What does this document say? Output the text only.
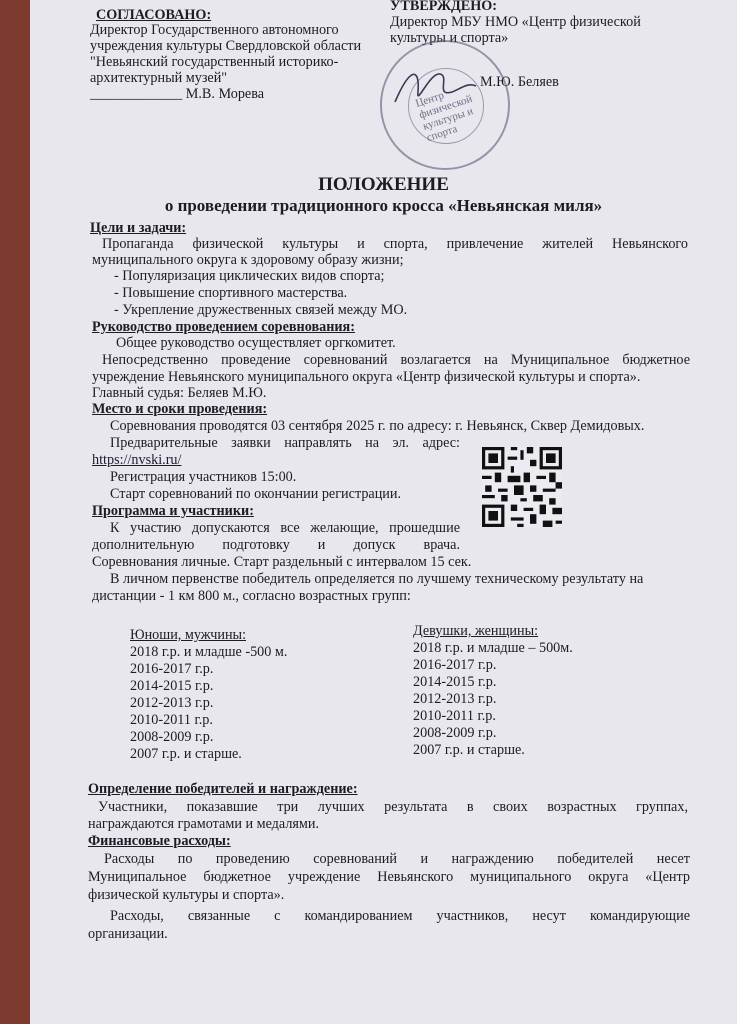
СОГЛАСОВАНО:
Директор Государственного автономного
учреждения культуры Свердловской области
"Невьянский государственный историко-
архитектурный музей"
_____________ М.В. Морева
УТВЕРЖДЕНО:
Директор МБУ НМО «Центр физической
культуры и спорта»
М.Ю. Беляев
Центр физической культуры и спорта
ПОЛОЖЕНИЕ
о проведении традиционного кросса «Невьянская миля»
Цели и задачи:
Пропаганда физической культуры и спорта, привлечение жителей Невьянского
муниципального округа к здоровому образу жизни;
- Популяризация циклических видов спорта;
- Повышение спортивного мастерства.
- Укрепление дружественных связей между МО.
Руководство проведением соревнования:
Общее руководство осуществляет оргкомитет.
Непосредственно проведение соревнований возлагается на Муниципальное бюджетное
учреждение Невьянского муниципального округа «Центр физической культуры и спорта».
Главный судья: Беляев М.Ю.
Место и сроки проведения:
Соревнования проводятся 03 сентября 2025 г. по адресу: г. Невьянск, Сквер Демидовых.
Предварительные заявки направлять на эл. адрес:
https://nvski.ru/
Регистрация участников 15:00.
Старт соревнований по окончании регистрации.
Программа и участники:
К участию допускаются все желающие, прошедшие
дополнительную подготовку и допуск врача.
Соревнования личные. Старт раздельный с интервалом 15 сек.
В личном первенстве победитель определяется по лучшему техническому результату на
дистанции - 1 км 800 м., согласно возрастных групп:
Юноши, мужчины:
2018 г.р. и младше -500 м.
2016-2017 г.р.
2014-2015 г.р.
2012-2013 г.р.
2010-2011 г.р.
2008-2009 г.р.
2007 г.р. и старше.
Девушки, женщины:
2018 г.р. и младше – 500м.
2016-2017 г.р.
2014-2015 г.р.
2012-2013 г.р.
2010-2011 г.р.
2008-2009 г.р.
2007 г.р. и старше.
Определение победителей и награждение:
Участники, показавшие три лучших результата в своих возрастных группах,
награждаются грамотами и медалями.
Финансовые расходы:
Расходы по проведению соревнований и награждению победителей несет
Муниципальное бюджетное учреждение Невьянского муниципального округа «Центр
физической культуры и спорта».
Расходы, связанные с командированием участников, несут командирующие
организации.
